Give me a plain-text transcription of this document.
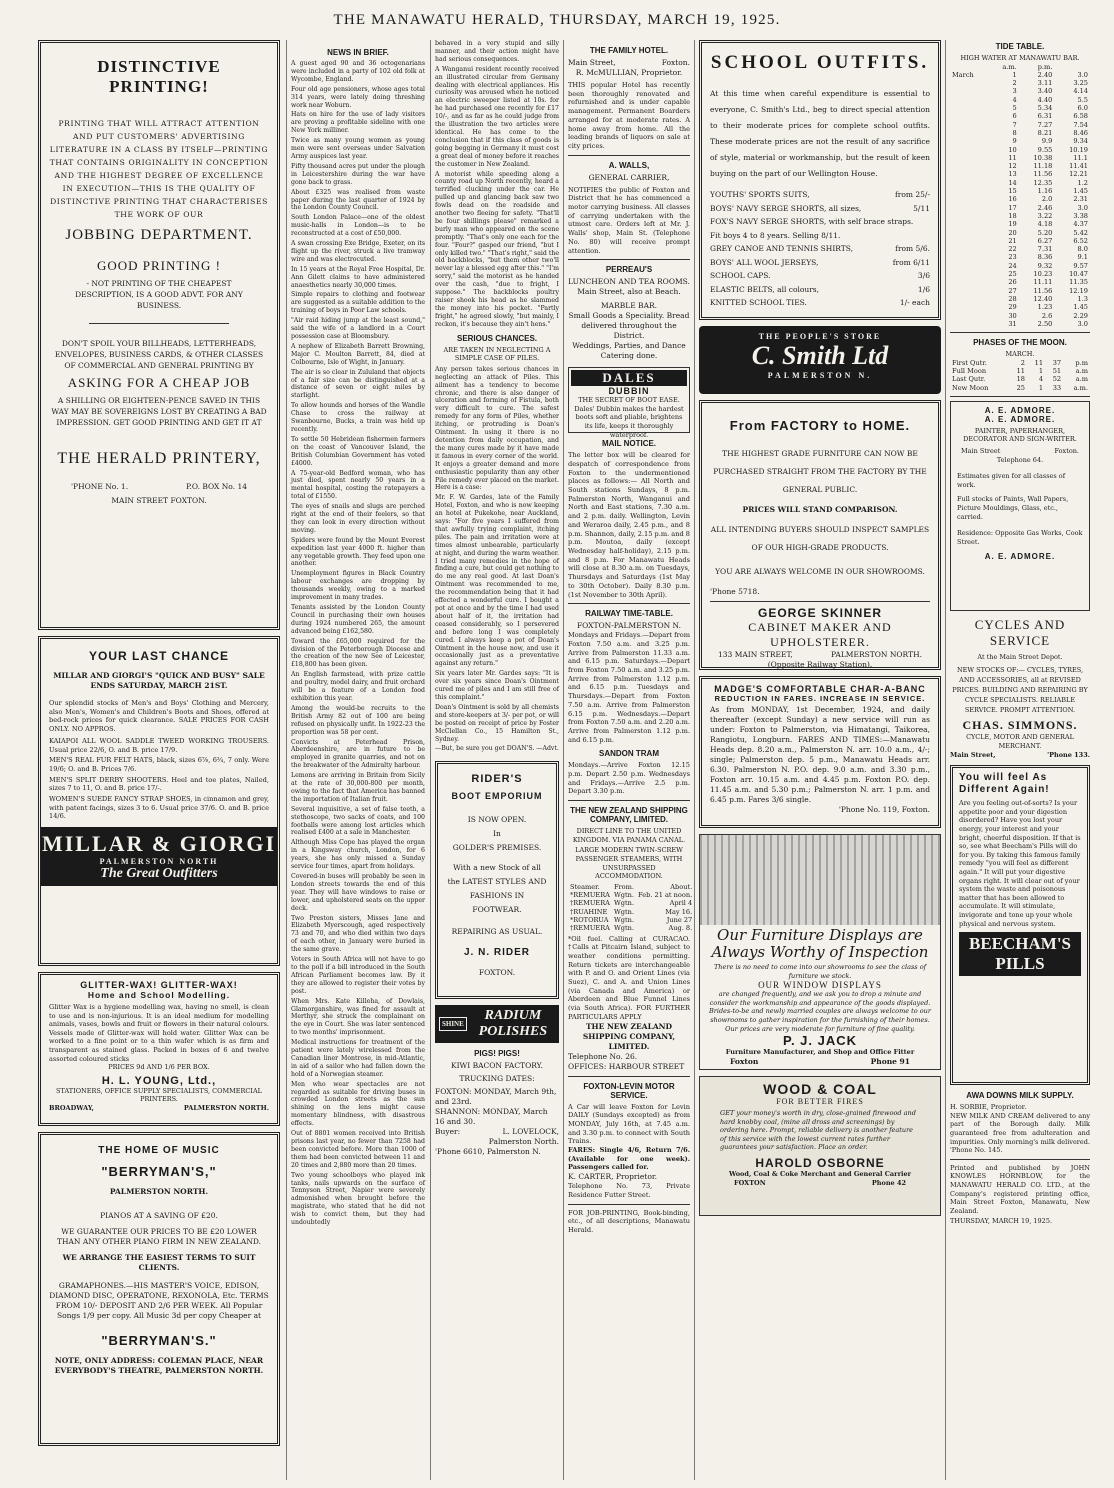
THE MANAWATU HERALD, THURSDAY, MARCH 19, 1925.
DISTINCTIVE PRINTING!
PRINTING THAT WILL ATTRACT ATTENTION AND PUT CUSTOMERS' ADVERTISING LITERATURE IN A CLASS BY ITSELF—PRINTING THAT CONTAINS ORIGINALITY IN CONCEPTION AND THE HIGHEST DEGREE OF EXCELLENCE IN EXECUTION—THIS IS THE QUALITY OF DISTINCTIVE PRINTING THAT CHARACTERISES THE WORK OF OUR
JOBBING DEPARTMENT.
GOOD PRINTING !
- NOT PRINTING OF THE CHEAPEST DESCRIPTION, IS A GOOD ADVT. FOR ANY BUSINESS.
DON'T SPOIL YOUR BILLHEADS, LETTERHEADS, ENVELOPES, BUSINESS CARDS, & OTHER CLASSES OF COMMERCIAL AND GENERAL PRINTING BY
ASKING FOR A CHEAP JOB
A SHILLING OR EIGHTEEN-PENCE SAVED IN THIS WAY MAY BE SOVEREIGNS LOST BY CREATING A BAD IMPRESSION. GET GOOD PRINTING AND GET IT AT
THE HERALD PRINTERY,
'PHONE No. 1.	P.O. BOX No. 14
MAIN STREET FOXTON.
YOUR LAST CHANCE
MILLAR AND GIORGI'S "QUICK AND BUSY" SALE
ENDS SATURDAY, MARCH 21ST.
Our splendid stocks of Men's and Boys' Clothing and Mercery, also Men's, Women's and Children's Boots and Shoes, offered at bed-rock prices for quick clearance. SALE PRICES FOR CASH ONLY. NO APPROS.
KAIAPOI ALL WOOL SADDLE TWEED WORKING TROUSERS. Usual price 22/6, O. and B. price 17/9.
MEN'S REAL FUR FELT HATS, black, sizes 6⅞, 6¾, 7 only. Were 19/6; O. and B. Prices 7/6.
MEN'S SPLIT DERBY SHOOTERS. Heel and toe plates, Nailed, sizes 7 to 11, O. and B. price 17/-.
WOMEN'S SUEDE FANCY STRAP SHOES, in cinnamon and grey, with patent facings, sizes 3 to 6. Usual price 37/6. O. and B. price 14/6.
MILLAR & GIORGI
PALMERSTON NORTH
The Great Outfitters
GLITTER-WAX! GLITTER-WAX!
Home and School Modelling.
Glitter Wax is a hygiene modelling wax, having no smell, is clean to use and is non-injurious. It is an ideal medium for modelling animals, vases, bowls and fruit or flowers in their natural colours. Vessels made of Glitter-wax will hold water. Glitter Wax can be worked to a fine point or to a thin wafer which is as firm and transparent as stained glass. Packed in boxes of 6 and twelve assorted coloured sticks
PRICES 9d AND 1/6 PER BOX.
H. L. YOUNG, Ltd.,
STATIONERS, OFFICE SUPPLY SPECIALISTS, COMMERCIAL PRINTERS.
BROADWAY,	PALMERSTON NORTH.
THE HOME OF MUSIC
"BERRYMAN'S,"
PALMERSTON NORTH.
PIANOS AT A SAVING OF £20.
WE GUARANTEE OUR PRICES TO BE £20 LOWER THAN ANY OTHER PIANO FIRM IN NEW ZEALAND.
WE ARRANGE THE EASIEST TERMS TO SUIT CLIENTS.
GRAMAPHONES.—HIS MASTER'S VOICE, EDISON, DIAMOND DISC, OPERATONE, REXONOLA, Etc. TERMS FROM 10/- DEPOSIT AND 2/6 PER WEEK. All Popular Songs 1/9 per copy. All Music 3d per copy Cheaper at
"BERRYMAN'S."
NOTE, ONLY ADDRESS: COLEMAN PLACE, NEAR EVERYBODY'S THEATRE, PALMERSTON NORTH.
NEWS IN BRIEF.
A guest aged 90 and 36 octogenarians were included in a party of 102 old folk at Wycombe, England.
Four old age pensioners, whose ages total 314 years, were lately doing threshing work near Woburn.
Hats on hire for the use of lady visitors are proving a profitable sideline with one New York milliner.
Twice as many young women as young men were sent overseas under Salvation Army auspices last year.
Fifty thousand acres put under the plough in Leicestershire during the war have gone back to grass.
About £325 was realised from waste paper during the last quarter of 1924 by the London County Council.
South London Palace—one of the oldest music-halls in London—is to be reconstructed at a cost of £50,000.
A swan crossing Exe Bridge, Exeter, on its flight up the river, struck a live tramway wire and was electrocuted.
In 15 years at the Royal Free Hospital, Dr. Ann Gilett claims to have administered anaesthetics nearly 30,000 times.
Simple repairs to clothing and footwear are suggested as a suitable addition to the training of boys in Poor Law schools.
"Air raid hiding jump at the least sound," said the wife of a landlord in a Court possession case at Bloomsbury.
A nephew of Elizabeth Barrett Browning, Major C. Moulton Barrett, 84, died at Colbourne, Isle of Wight, in January.
The air is so clear in Zululand that objects of a fair size can be distinguished at a distance of seven or eight miles by starlight.
To allow hounds and horses of the Wandle Chase to cross the railway at Swanbourne, Bucks, a train was held up recently.
To settle 50 Hebridean fishermen farmers on the coast of Vancouver Island, the British Columbian Government has voted £4000.
A 75-year-old Bedford woman, who has just died, spent nearly 50 years in a mental hospital, costing the ratepayers a total of £1550.
The eyes of snails and slugs are perched right at the end of their feelers, so that they can look in every direction without moving.
Spiders were found by the Mount Everest expedition last year 4000 ft. higher than any vegetable growth. They feed upon one another.
Unemployment figures in Black Country labour exchanges are dropping by thousands weekly, owing to a marked improvement in many trades.
Tenants assisted by the London County Council in purchasing their own houses during 1924 numbered 265, the amount advanced being £162,580.
Toward the £65,000 required for the division of the Peterborough Diocese and the creation of the new See of Leicester, £18,800 has been given.
An English farmstead, with prize cattle and poultry, model dairy, and fruit orchard will be a feature of a London food exhibition this year.
Among the would-be recruits to the British Army 82 out of 100 are being refused on physically unfit. In 1922-23 the proportion was 58 per cent.
Convicts at Peterhead Prison, Aberdeenshire, are in future to be employed in granite quarries, and not on the breakwater of the Admiralty harbour.
Lemons are arriving in Britain from Sicily at the rate of 30,000-800 per month, owing to the fact that America has banned the importation of Italian fruit.
Several inquisitive, a set of false teeth, a stethoscope, two sacks of coats, and 100 footballs were among lost articles which realised £400 at a sale in Manchester.
Although Miss Cope has played the organ in a Kingsway church, London, for 6 years, she has only missed a Sunday service four times, apart from holidays.
Covered-in buses will probably be seen in London streets towards the end of this year. They will have windows to raise or lower, and upholstered seats on the upper deck.
Two Preston sisters, Misses Jane and Elizabeth Myerscough, aged respectively 73 and 70, and who died within two days of each other, in January were buried in the same grave.
Voters in South Africa will not have to go to the poll if a bill introduced in the South African Parliament becomes law. By it they are allowed to register their votes by post.
When Mrs. Kate Killeha, of Dowlais, Glamorganshire, was fined for assault at Merthyr, she struck the complainant on the eye in Court. She was later sentenced to two months' imprisonment.
Medical instructions for treatment of the patient were lately wirelessed from the Canadian liner Montrose, in mid-Atlantic, in aid of a sailor who had fallen down the hold of a Norwegian steamer.
Men who wear spectacles are not regarded as suitable for driving buses in crowded London streets as the sun shining on the lens might cause momentary blindness, with disastrous effects.
Out of 8801 women received into British prisons last year, no fewer than 7258 had been convicted before. More than 1000 of them had been convicted between 11 and 20 times and 2,880 more than 20 times.
Two young schoolboys who played ink tanks, nails upwards on the surface of Tennyson Street, Napier were severely admonished when brought before the magistrate, who stated that he did not wish to convict them, but they had undoubtedly
behaved in a very stupid and silly manner, and their action might have had serious consequences.
A Wanganui resident recently received an illustrated circular from Germany dealing with electrical appliances. His curiosity was aroused when he noticed an electric sweeper listed at 10s. for he had purchased one recently for £17 10/-, and as far as he could judge from the illustration the two articles were identical. He has come to the conclusion that if this class of goods is going begging in Germany it must cost a great deal of money before it reaches the customer in New Zealand.
A motorist while speeding along a county road up North recently, heard a terrified clucking under the car. He pulled up and glancing back saw two fowls dead on the roadside and another two fleeing for safety. "That'll be four shillings please" remarked a burly man who appeared on the scene promptly. "That's only one each for the four. "Four?" gasped our friend, "but I only killed two." "That's right," said the old backblocks, "but them other two'll never lay a blessed egg after this." "I'm sorry," said the motorist as he handed over the cash, "due to fright, I suppose." The backblocks poultry raiser shook his head as he slammed the money into his pocket. "Partly fright," he agreed slowly, "but mainly, I reckon, it's because they ain't hens."
SERIOUS CHANCES.
ARE TAKEN IN NEGLECTING A SIMPLE CASE OF PILES.
Any person takes serious chances in neglecting an attack of Piles. This ailment has a tendency to become chronic, and there is also danger of ulceration and forming of Fistula, both very difficult to cure. The safest remedy for any form of Piles, whether itching, or protruding is Doan's Ointment. In using it there is no detention from daily occupation, and the many cures made by it have made it famous in every corner of the world. It enjoys a greater demand and more enthusiastic popularity than any other Pile remedy ever placed on the market. Here is a case:
Mr. F. W. Gardes, late of the Family Hotel, Foxton, and who is now keeping an hotel at Pukekohe, near Auckland, says: "For five years I suffered from that awfully trying complaint, itching piles. The pain and irritation were at times almost unbearable, particularly at night, and during the warm weather. I tried many remedies in the hope of finding a cure, but could get nothing to do me any real good. At last Doan's Ointment was recommended to me, the recommendation being that it had effected a wonderful cure. I bought a pot at once and by the time I had used about half of it, the irritation had ceased considerably, so I persevered and before long I was completely cured. I always keep a pot of Doan's Ointment in the house now, and use it occasionally just as a preventative against any return."
Six years later Mr. Gardes says: "It is over six years since Doan's Ointment cured me of piles and I am still free of this complaint."
Doan's Ointment is sold by all chemists and store-keepers at 3/- per pot, or will be posted on receipt of price by Foster McClellan Co., 15 Hamilton St., Sydney.
—But, be sure you get DOAN'S. —Advt.
RIDER'S
BOOT EMPORIUM
IS NOW OPEN.
In
GOLDER'S PREMISES.
With a new Stock of all the LATEST STYLES AND FASHIONS IN FOOTWEAR.
REPAIRING AS USUAL.
J. N. RIDER
FOXTON.
SHINE
RADIUM POLISHES
PIGS! PIGS!
KIWI BACON FACTORY.
TRUCKING DATES:
FOXTON: MONDAY, March 9th, and 23rd.
SHANNON: MONDAY, March 16 and 30.
Buyer:	L. LOVELOCK,
Palmerston North.
'Phone 6610, Palmerston N.
THE FAMILY HOTEL.
Main Street,	Foxton.
R. McMULLIAN, Proprietor.
THIS popular Hotel has recently been thoroughly renovated and refurnished and is under capable management. Permanent Boarders arranged for at moderate rates. A home away from home. All the leading brands of liquors on sale at city prices.
A. WALLS,
GENERAL CARRIER,
NOTIFIES the public of Foxton and District that he has commenced a motor carrying business. All classes of carrying undertaken with the utmost care. Orders left at Mr. J. Walls' shop, Main St. (Telephone No. 80) will receive prompt attention.
PERREAU'S
LUNCHEON AND TEA ROOMS.
Main Street, also at Beach.
MARBLE BAR.
Small Goods a Speciality. Bread delivered throughout the District.
Weddings, Parties, and Dance Catering done.
DALES
DUBBIN
THE SECRET OF BOOT EASE. Dales' Dubbin makes the hardest boots soft and pliable, brightens its life, keeps it thoroughly waterproof.
MAIL NOTICE.
The letter box will be cleared for despatch of correspondence from Foxton to the undermentioned places as follows:— All North and South stations Sundays, 8 p.m. Palmerston North, Wanganui and North and East stations, 7.30 a.m. and 2 p.m. daily. Wellington, Levin and Weraroa daily, 2.45 p.m., and 8 p.m. Shannon, daily, 2.15 p.m. and 8 p.m. Moutoa, daily (except Wednesday half-holiday), 2.15 p.m. and 8 p.m. For Manawatu Heads will close at 8.30 a.m. on Tuesdays, Thursdays and Saturdays (1st May to 30th October). Daily 8.30 p.m. (1st November to 30th April).
RAILWAY TIME-TABLE.
FOXTON-PALMERSTON N.
Mondays and Fridays.—Depart from Foxton 7.50 a.m. and 3.25 p.m. Arrive from Palmerston 11.33 a.m. and 6.15 p.m. Saturdays.—Depart from Foxton 7.50 a.m. and 3.25 p.m. Arrive from Palmerston 1.12 p.m. and 6.15 p.m. Tuesdays and Thursdays.—Depart from Foxton 7.50 a.m. Arrive from Palmerston 6.15 p.m. Wednesdays.—Depart from Foxton 7.50 a.m. and 2.20 a.m. Arrive from Palmerston 1.12 p.m. and 6.15 p.m.
SANDON TRAM
Mondays.—Arrive Foxton 12.15 p.m. Depart 2.50 p.m. Wednesdays and Fridays.—Arrive 2.5 p.m. Depart 3.30 p.m.
THE NEW ZEALAND SHIPPING COMPANY, LIMITED.
DIRECT LINE TO THE UNITED KINGDOM. VIA PANAMA CANAL.
LARGE MODERN TWIN-SCREW PASSENGER STEAMERS, WITH UNSURPASSED ACCOMMODATION.
Steamer.	From.	About.
*REMUERA	Wgtn.	Feb. 21 at noon.
†REMUERA	Wgtn.	April 4
†RUAHINE	Wgtn.	May 16.
*ROTORUA	Wgtn.	June 27
†REMUERA	Wgtn.	Aug. 8.
*Oil fuel. Calling at CURACAO. †Calls at Pitcairn Island, subject to weather conditions permitting. Return tickets are interchangeable with P. and O. and Orient Lines (via Suez), C. and A. and Union Lines (via Canada and America) or Aberdeen and Blue Funnel Lines (via South Africa). FOR FURTHER PARTICULARS APPLY
THE NEW ZEALAND SHIPPING COMPANY, LIMITED.
Telephone No. 26.
OFFICES: HARBOUR STREET
FOXTON-LEVIN MOTOR SERVICE.
A Car will leave Foxton for Levin DAILY (Sundays excepted) as from MONDAY, July 16th, at 7.45 a.m. and 3.30 p.m. to connect with South Trains.
FARES: Single 4/6, Return 7/6. (Available for one week). Passengers called for.
K. CARTER, Proprietor.
Telephone No. 73, Private Residence Futter Street.
FOR JOB-PRINTING, Book-binding, etc., of all descriptions, Manawatu Herald.
SCHOOL OUTFITS.
At this time when careful expenditure is essential to everyone, C. Smith's Ltd., beg to direct special attention to their moderate prices for complete school outfits. These moderate prices are not the result of any sacrifice of style, material or workmanship, but the result of keen buying on the part of our Wellington House.
YOUTHS' SPORTS SUITS,	from 25/-
BOYS' NAVY SERGE SHORTS, all sizes,	5/11
FOX'S NAVY SERGE SHORTS, with self brace straps.
Fit boys 4 to 8 years. Selling 8/11.
GREY CANOE AND TENNIS SHIRTS,	from 5/6.
BOYS' ALL WOOL JERSEYS,	from 6/11
SCHOOL CAPS.	3/6
ELASTIC BELTS, all colours,	1/6
KNITTED SCHOOL TIES.	1/- each
THE PEOPLE'S STORE
C. Smith Ltd
PALMERSTON N.
From FACTORY to HOME.
THE HIGHEST GRADE FURNITURE CAN NOW BE PURCHASED STRAIGHT FROM THE FACTORY BY THE GENERAL PUBLIC.
PRICES WILL STAND COMPARISON.
ALL INTENDING BUYERS SHOULD INSPECT SAMPLES OF OUR HIGH-GRADE PRODUCTS.
YOU ARE ALWAYS WELCOME IN OUR SHOWROOMS.
'Phone 5718.
GEORGE SKINNER
CABINET MAKER AND UPHOLSTERER.
133 MAIN STREET,	PALMERSTON NORTH.
(Opposite Railway Station).
MADGE'S COMFORTABLE CHAR-A-BANC
REDUCTION IN FARES. INCREASE IN SERVICE.
As from MONDAY, 1st December, 1924, and daily thereafter (except Sunday) a new service will run as under: Foxton to Palmerston, via Himatangi, Taikorea, Rangiotu, Longburn. FARES AND TIMES:—Manawatu Heads dep. 8.20 a.m., Palmerston N. arr. 10.0 a.m., 4/-; single; Palmerston dep. 5 p.m., Manawatu Heads arr. 6.30. Palmerston N. P.O. dep. 9.0 a.m. and 3.30 p.m., Foxton arr. 10.15 a.m. and 4.45 p.m. Foxton P.O. dep. 11.45 a.m. and 5.30 p.m.; Palmerston N. arr. 1 p.m. and 6.45 p.m. Fares 3/6 single.
'Phone No. 119, Foxton.
Our Furniture Displays are Always Worthy of Inspection
There is no need to come into our showrooms to see the class of furniture we stock.
OUR WINDOW DISPLAYS
are changed frequently, and we ask you to drop a minute and consider the workmanship and appearance of the goods displayed. Brides-to-be and newly married couples are always welcome to our showrooms to gather inspiration for the furnishing of their homes. Our prices are very moderate for furniture of fine quality.
P. J. JACK
Furniture Manufacturer, and Shop and Office Fitter
Foxton	Phone 91
WOOD & COAL
FOR BETTER FIRES
GET your money's worth in dry, close-grained firewood and hard knobby coal, (mine all dross and screenings) by ordering here. Prompt, reliable delivery is another feature of this service with the lowest current rates further guarantees your satisfaction. Place an order.
HAROLD OSBORNE
Wood, Coal & Coke Merchant and General Carrier
FOXTON	Phone 42
TIDE TABLE.
HIGH WATER AT MANAWATU BAR.
	a.m.	p.m.	
March	1	2.40	3.0
	2	3.11	3.25
	3	3.40	4.14
	4	4.40	5.5
	5	5.34	6.0
	6	6.31	6.58
	7	7.27	7.54
	8	8.21	8.46
	9	9.9	9.34
	10	9.55	10.19
	11	10.38	11.1
	12	11.18	11.41
	13	11.56	12.21
	14	12.35	1.2
	15	1.16	1.45
	16	2.0	2.31
	17	2.46	3.0
	18	3.22	3.38
	19	4.18	4.37
	20	5.20	5.42
	21	6.27	6.52
	22	7.31	8.0
	23	8.36	9.1
	24	9.32	9.57
	25	10.23	10.47
	26	11.11	11.35
	27	11.56	12.19
	28	12.40	1.3
	29	1.23	1.45
	30	2.6	2.29
	31	2.50	3.0
PHASES OF THE MOON.
MARCH.
First Qutr.	2	11	37	p.m
Full Moon	11	1	51	a.m
Last Qutr.	18	4	52	a.m
New Moon	25	1	33	a.m.
A. E. ADMORE.
A. E. ADMORE.
PAINTER, PAPERHANGER, DECORATOR AND SIGN-WRITER.
Main Street	Foxton.
Telephone 64.
Estimates given for all classes of work.
Full stocks of Paints, Wall Papers, Picture Mouldings, Glass, etc., carried.
Residence: Opposite Gas Works, Cook Street.
A. E. ADMORE.
CYCLES AND SERVICE
At the Main Street Depot.
NEW STOCKS OF:— CYCLES, TYRES, AND ACCESSORIES, all at REVISED PRICES. BUILDING AND REPAIRING BY CYCLE SPECIALISTS. RELIABLE SERVICE. PROMPT ATTENTION.
CHAS. SIMMONS.
CYCLE, MOTOR AND GENERAL MERCHANT.
Main Street,	'Phone 133.
You will feel As Different Again!
Are you feeling out-of-sorts? Is your appetite poor and your digestion disordered? Have you lost your energy, your interest and your bright, cheerful disposition. If that is so, see what Beecham's Pills will do for you. By taking this famous family remedy "you will feel as different again." It will put your digestive organs right. It will clear out of your system the waste and poisonous matter that has been allowed to accumulate. It will stimulate, invigorate and tone up your whole physical and nervous system.
BEECHAM'S PILLS
AWA DOWNS MILK SUPPLY.
H. SORBIE, Proprietor.
NEW MILK AND CREAM delivered to any part of the Borough daily. Milk guaranteed free from adulteration and impurities. Only morning's milk delivered. 'Phone No. 145.
Printed and published by JOHN KNOWLES HORNBLOW, for the MANAWATU HERALD CO. LTD., at the Company's registered printing office, Main Street Foxton, Manawatu, New Zealand.
THURSDAY, MARCH 19, 1925.
